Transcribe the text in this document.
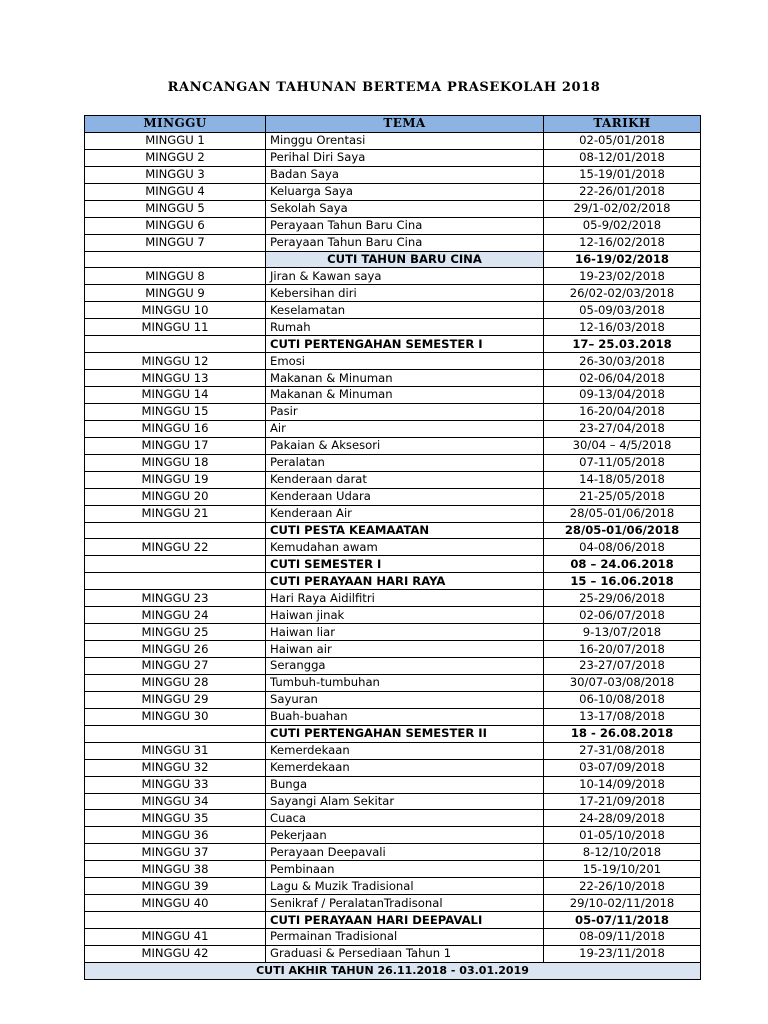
RANCANGAN TAHUNAN BERTEMA PRASEKOLAH 2018
MINGGU	TEMA	TARIKH
MINGGU 1	Minggu Orentasi	02-05/01/2018
MINGGU 2	Perihal Diri Saya	08-12/01/2018
MINGGU 3	Badan Saya	15-19/01/2018
MINGGU 4	Keluarga Saya	22-26/01/2018
MINGGU 5	Sekolah Saya	29/1-02/02/2018
MINGGU 6	Perayaan Tahun Baru Cina	05-9/02/2018
MINGGU 7	Perayaan Tahun Baru Cina	12-16/02/2018
	CUTI TAHUN BARU CINA	16-19/02/2018
MINGGU 8	Jiran & Kawan saya	19-23/02/2018
MINGGU 9	Kebersihan diri	26/02-02/03/2018
MINGGU 10	Keselamatan	05-09/03/2018
MINGGU 11	Rumah	12-16/03/2018
	CUTI PERTENGAHAN SEMESTER I	17– 25.03.2018
MINGGU 12	Emosi	26-30/03/2018
MINGGU 13	Makanan & Minuman	02-06/04/2018
MINGGU 14	Makanan & Minuman	09-13/04/2018
MINGGU 15	Pasir	16-20/04/2018
MINGGU 16	Air	23-27/04/2018
MINGGU 17	Pakaian & Aksesori	30/04 – 4/5/2018
MINGGU 18	Peralatan	07-11/05/2018
MINGGU 19	Kenderaan darat	14-18/05/2018
MINGGU 20	Kenderaan Udara	21-25/05/2018
MINGGU 21	Kenderaan Air	28/05-01/06/2018
	CUTI PESTA KEAMAATAN	28/05-01/06/2018
MINGGU 22	Kemudahan awam	04-08/06/2018
	CUTI SEMESTER I	08 – 24.06.2018
	CUTI PERAYAAN HARI RAYA	15 – 16.06.2018
MINGGU 23	Hari Raya Aidilfitri	25-29/06/2018
MINGGU 24	Haiwan jinak	02-06/07/2018
MINGGU 25	Haiwan liar	9-13/07/2018
MINGGU 26	Haiwan air	16-20/07/2018
MINGGU 27	Serangga	23-27/07/2018
MINGGU 28	Tumbuh-tumbuhan	30/07-03/08/2018
MINGGU 29	Sayuran	06-10/08/2018
MINGGU 30	Buah-buahan	13-17/08/2018
	CUTI PERTENGAHAN SEMESTER II	18 - 26.08.2018
MINGGU 31	Kemerdekaan	27-31/08/2018
MINGGU 32	Kemerdekaan	03-07/09/2018
MINGGU 33	Bunga	10-14/09/2018
MINGGU 34	Sayangi Alam Sekitar	17-21/09/2018
MINGGU 35	Cuaca	24-28/09/2018
MINGGU 36	Pekerjaan	01-05/10/2018
MINGGU 37	Perayaan Deepavali	8-12/10/2018
MINGGU 38	Pembinaan	15-19/10/201
MINGGU 39	Lagu & Muzik Tradisional	22-26/10/2018
MINGGU 40	Senikraf / PeralatanTradisonal	29/10-02/11/2018
	CUTI PERAYAAN HARI DEEPAVALI	05-07/11/2018
MINGGU 41	Permainan Tradisional	08-09/11/2018
MINGGU 42	Graduasi & Persediaan Tahun 1	19-23/11/2018
CUTI AKHIR TAHUN 26.11.2018 - 03.01.2019		
